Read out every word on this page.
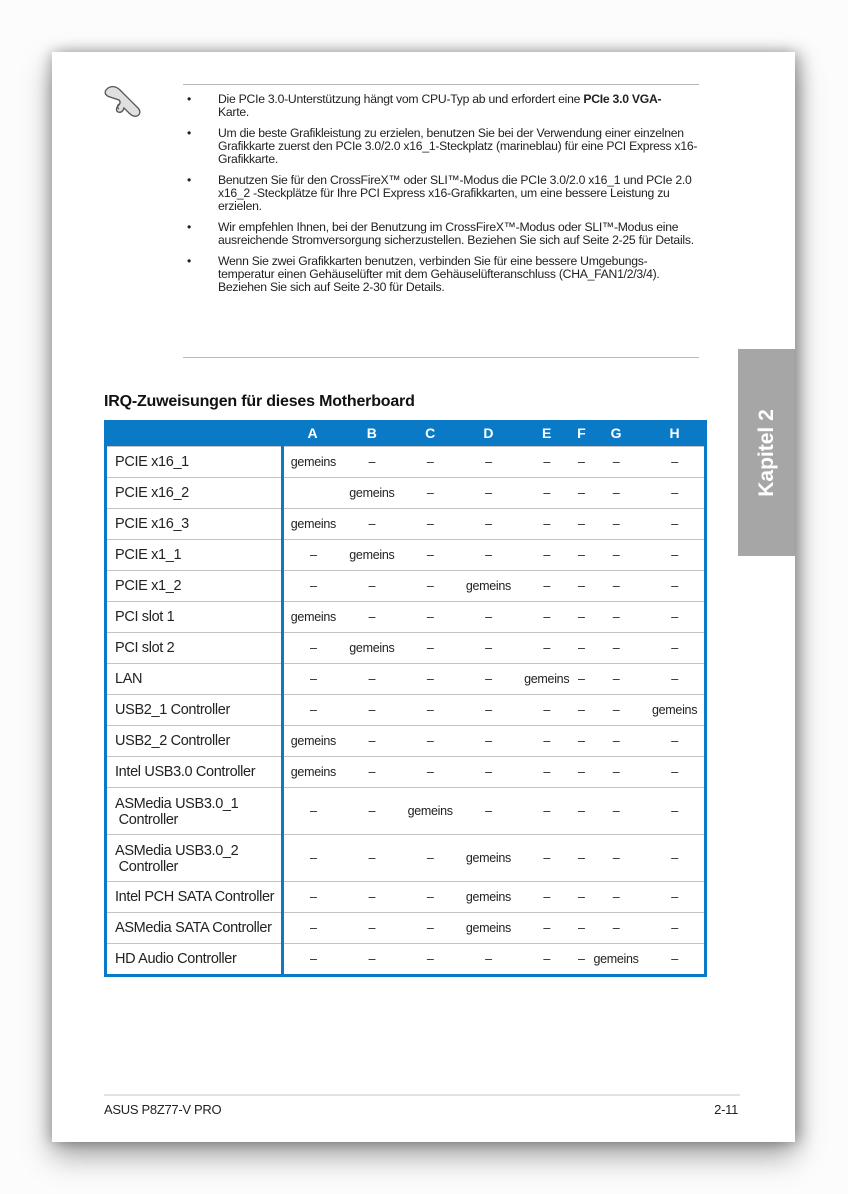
• Die PCIe 3.0-Unterstützung hängt vom CPU-Typ ab und erfordert eine PCIe 3.0 VGA-
Karte.
• Um die beste Grafikleistung zu erzielen, benutzen Sie bei der Verwendung einer einzelnen Grafikkarte zuerst den PCIe 3.0/2.0 x16_1-Steckplatz (marineblau) für eine PCI Express x16-Grafikkarte.
• Benutzen Sie für den CrossFireX™ oder SLI™-Modus die PCIe 3.0/2.0 x16_1 und PCIe 2.0 x16_2 -Steckplätze für Ihre PCI Express x16-Grafikkarten, um eine bessere Leistung zu erzielen.
• Wir empfehlen Ihnen, bei der Benutzung im CrossFireX™-Modus oder SLI™-Modus eine ausreichende Stromversorgung sicherzustellen. Beziehen Sie sich auf Seite 2-25 für Details.
• Wenn Sie zwei Grafikkarten benutzen, verbinden Sie für eine bessere Umgebungs-temperatur einen Gehäuselüfter mit dem Gehäuselüfteranschluss (CHA_FAN1/2/3/4). Beziehen Sie sich auf Seite 2-30 für Details.
IRQ-Zuweisungen für dieses Motherboard
	A	B	C	D	E	F	G	H
PCIE x16_1	gemeins	–	–	–	–	–	–	–
PCIE x16_2		gemeins	–	–	–	–	–	–
PCIE x16_3	gemeins	–	–	–	–	–	–	–
PCIE x1_1	–	gemeins	–	–	–	–	–	–
PCIE x1_2	–	–	–	gemeins	–	–	–	–
PCI slot 1	gemeins	–	–	–	–	–	–	–
PCI slot 2	–	gemeins	–	–	–	–	–	–
LAN	–	–	–	–	gemeins	–	–	–
USB2_1 Controller	–	–	–	–	–	–	–	gemeins
USB2_2 Controller	gemeins	–	–	–	–	–	–	–
Intel USB3.0 Controller	gemeins	–	–	–	–	–	–	–
ASMedia USB3.0_1
Controller	–	–	gemeins	–	–	–	–	–
ASMedia USB3.0_2
Controller	–	–	–	gemeins	–	–	–	–
Intel PCH SATA Controller	–	–	–	gemeins	–	–	–	–
ASMedia SATA Controller	–	–	–	gemeins	–	–	–	–
HD Audio Controller	–	–	–	–	–	–	gemeins	–
Kapitel 2
ASUS P8Z77-V PRO	2-11
